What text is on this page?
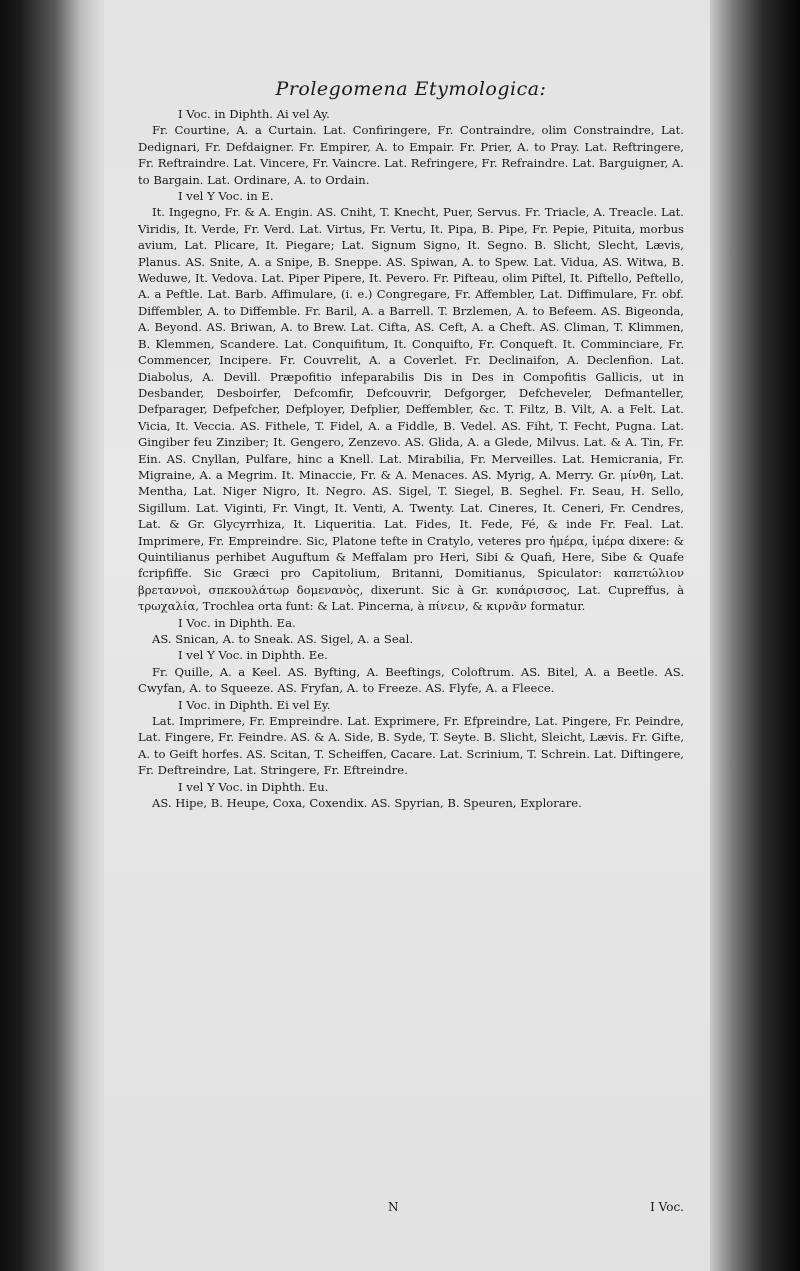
Prolegomena Etymologica:

I Voc. in Diphth. Ai vel Ay.

Fr. Courtine, A. a Curtain. Lat. Confiringere, Fr. Contraindre, olim Constraindre, Lat. Dedignari, Fr. Defdaigner. Fr. Empirer, A. to Empair. Fr. Prier, A. to Pray. Lat. Reftringere, Fr. Reftraindre. Lat. Vincere, Fr. Vaincre. Lat. Refringere, Fr. Refraindre. Lat. Barguigner, A. to Bargain. Lat. Ordinare, A. to Ordain.

I vel Y Voc. in E.

It. Ingegno, Fr. & A. Engin. AS. Cniht, T. Knecht, Puer, Servus. Fr. Triacle, A. Treacle. Lat. Viridis, It. Verde, Fr. Verd. Lat. Virtus, Fr. Vertu, It. Pipa, B. Pipe, Fr. Pepie, Pituita, morbus avium, Lat. Plicare, It. Piegare; Lat. Signum Signo, It. Segno. B. Slicht, Slecht, Lævis, Planus. AS. Snite, A. a Snipe, B. Sneppe. AS. Spiwan, A. to Spew. Lat. Vidua, AS. Witwa, B. Weduwe, It. Vedova. Lat. Piper Pipere, It. Pevero. Fr. Pifteau, olim Piftel, It. Piftello, Peftello, A. a Peftle. Lat. Barb. Affimulare, (i. e.) Congregare, Fr. Affembler, Lat. Diffimulare, Fr. obf. Diffembler, A. to Diffemble. Fr. Baril, A. a Barrell. T. Brzlemen, A. to Befeem. AS. Bigeonda, A. Beyond. AS. Briwan, A. to Brew. Lat. Cifta, AS. Ceft, A. a Cheft. AS. Climan, T. Klimmen, B. Klemmen, Scandere. Lat. Conquifitum, It. Conquifto, Fr. Conqueft. It. Comminciare, Fr. Commencer, Incipere. Fr. Couvrelit, A. a Coverlet. Fr. Declinaifon, A. Declenfion. Lat. Diabolus, A. Devill. Præpofitio infeparabilis Dis in Des in Compofitis Gallicis, ut in Desbander, Desboirfer, Defcomfir, Defcouvrir, Defgorger, Defcheveler, Defmanteller, Defparager, Defpefcher, Defployer, Defplier, Deffembler, &c. T. Filtz, B. Vilt, A. a Felt. Lat. Vicia, It. Veccia. AS. Fithele, T. Fidel, A. a Fiddle, B. Vedel. AS. Fiht, T. Fecht, Pugna. Lat. Gingiber feu Zinziber; It. Gengero, Zenzevo. AS. Glida, A. a Glede, Milvus. Lat. & A. Tin, Fr. Ein. AS. Cnyllan, Pulfare, hinc a Knell. Lat. Mirabilia, Fr. Merveilles. Lat. Hemicrania, Fr. Migraine, A. a Megrim. It. Minaccie, Fr. & A. Menaces. AS. Myrig, A. Merry. Gr. μίνθη, Lat. Mentha, Lat. Niger Nigro, It. Negro. AS. Sigel, T. Siegel, B. Seghel. Fr. Seau, H. Sello, Sigillum. Lat. Viginti, Fr. Vingt, It. Venti, A. Twenty. Lat. Cineres, It. Ceneri, Fr. Cendres, Lat. & Gr. Glycyrrhiza, It. Liqueritia. Lat. Fides, It. Fede, Fé, & inde Fr. Feal. Lat. Imprimere, Fr. Empreindre. Sic, Platone tefte in Cratylo, veteres pro ἡμέρα, ἱμέρα dixere: & Quintilianus perhibet Auguftum & Meffalam pro Heri, Sibi & Quafi, Here, Sibe & Quafe fcripfiffe. Sic Græci pro Capitolium, Britanni, Domitianus, Spiculator: καπετώλιον βρεταννοὶ, σπεκουλάτωρ δομενανὸς, dixerunt. Sic à Gr. κυπάρισσος, Lat. Cupreffus, à τρωχαλία, Trochlea orta funt: & Lat. Pincerna, à πίνειν, & κιρνᾶν formatur.

I Voc. in Diphth. Ea.

AS. Snican, A. to Sneak. AS. Sigel, A. a Seal.

I vel Y Voc. in Diphth. Ee.

Fr. Quille, A. a Keel. AS. Byfting, A. Beeftings, Coloftrum. AS. Bitel, A. a Beetle. AS. Cwyfan, A. to Squeeze. AS. Fryfan, A. to Freeze. AS. Flyfe, A. a Fleece.

I Voc. in Diphth. Ei vel Ey.

Lat. Imprimere, Fr. Empreindre. Lat. Exprimere, Fr. Efpreindre, Lat. Pingere, Fr. Peindre, Lat. Fingere, Fr. Feindre. AS. & A. Side, B. Syde, T. Seyte. B. Slicht, Sleicht, Lævis. Fr. Gifte, A. to Geift horfes. AS. Scitan, T. Scheiffen, Cacare. Lat. Scrinium, T. Schrein. Lat. Diftingere, Fr. Deftreindre, Lat. Stringere, Fr. Eftreindre.

I vel Y Voc. in Diphth. Eu.

AS. Hipe, B. Heupe, Coxa, Coxendix. AS. Spyrian, B. Speuren, Explorare.

N	I Voc.
